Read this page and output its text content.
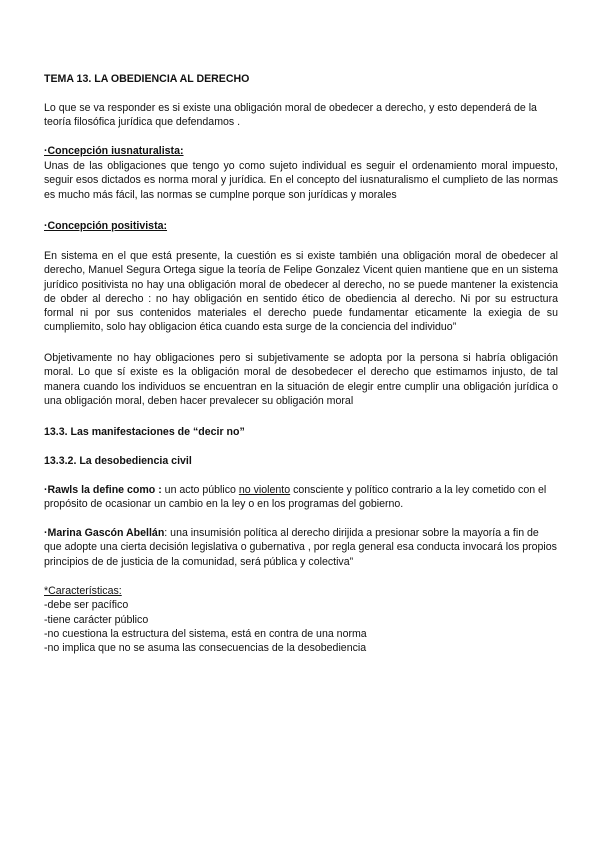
TEMA 13. LA OBEDIENCIA AL DERECHO

Lo que se va responder es si existe una obligación moral de obedecer a derecho, y esto dependerá de la teoría filosófica jurídica que defendamos .

·Concepción iusnaturalista:

Unas de las obligaciones que tengo yo como sujeto individual es seguir el ordenamiento moral impuesto, seguir esos dictados es norma moral y jurídica. En el concepto del iusnaturalismo el cumplieto de las normas es mucho más fácil, las normas se cumplne porque son jurídicas y morales

·Concepción positivista:

En sistema en el que está presente, la cuestión es si existe también una obligación moral de obedecer al derecho, Manuel Segura Ortega sigue la teoría de Felipe Gonzalez Vicent quien mantiene que en un sistema jurídico positivista no hay una obligación moral de obedecer al derecho, no se puede mantener la existencia de obder al derecho : no hay obligación en sentido ético de obediencia al derecho. Ni por su estructura formal ni por sus contenidos materiales el derecho puede fundamentar eticamente la exiegia de su cumpliemito, solo hay obligacion ética cuando esta surge de la conciencia del individuo”

Objetivamente no hay obligaciones pero si subjetivamente se adopta por la persona si habría obligación moral. Lo que sí existe es la obligación moral de desobedecer el derecho que estimamos injusto, de tal manera cuando los individuos se encuentran en la situación de elegir entre cumplir una obligación jurídica o una obligación moral, deben hacer prevalecer su obligación moral

13.3. Las manifestaciones de “decir no”
13.3.2. La desobediencia civil

·Rawls la define como : un acto público no violento consciente y político contrario a la ley cometido con el propósito de ocasionar un cambio en la ley o en los programas del gobierno.

·Marina Gascón Abellán: una insumisión política al derecho dirijida a presionar sobre la mayoría a fin de que adopte una cierta decisión legislativa o gubernativa , por regla general esa conducta invocará los propios principios de de justicia de la comunidad, será pública y colectiva”

*Características:
-debe ser pacífico
-tiene carácter público
-no cuestiona la estructura del sistema, está en contra de una norma
-no implica que no se asuma las consecuencias de la desobediencia
